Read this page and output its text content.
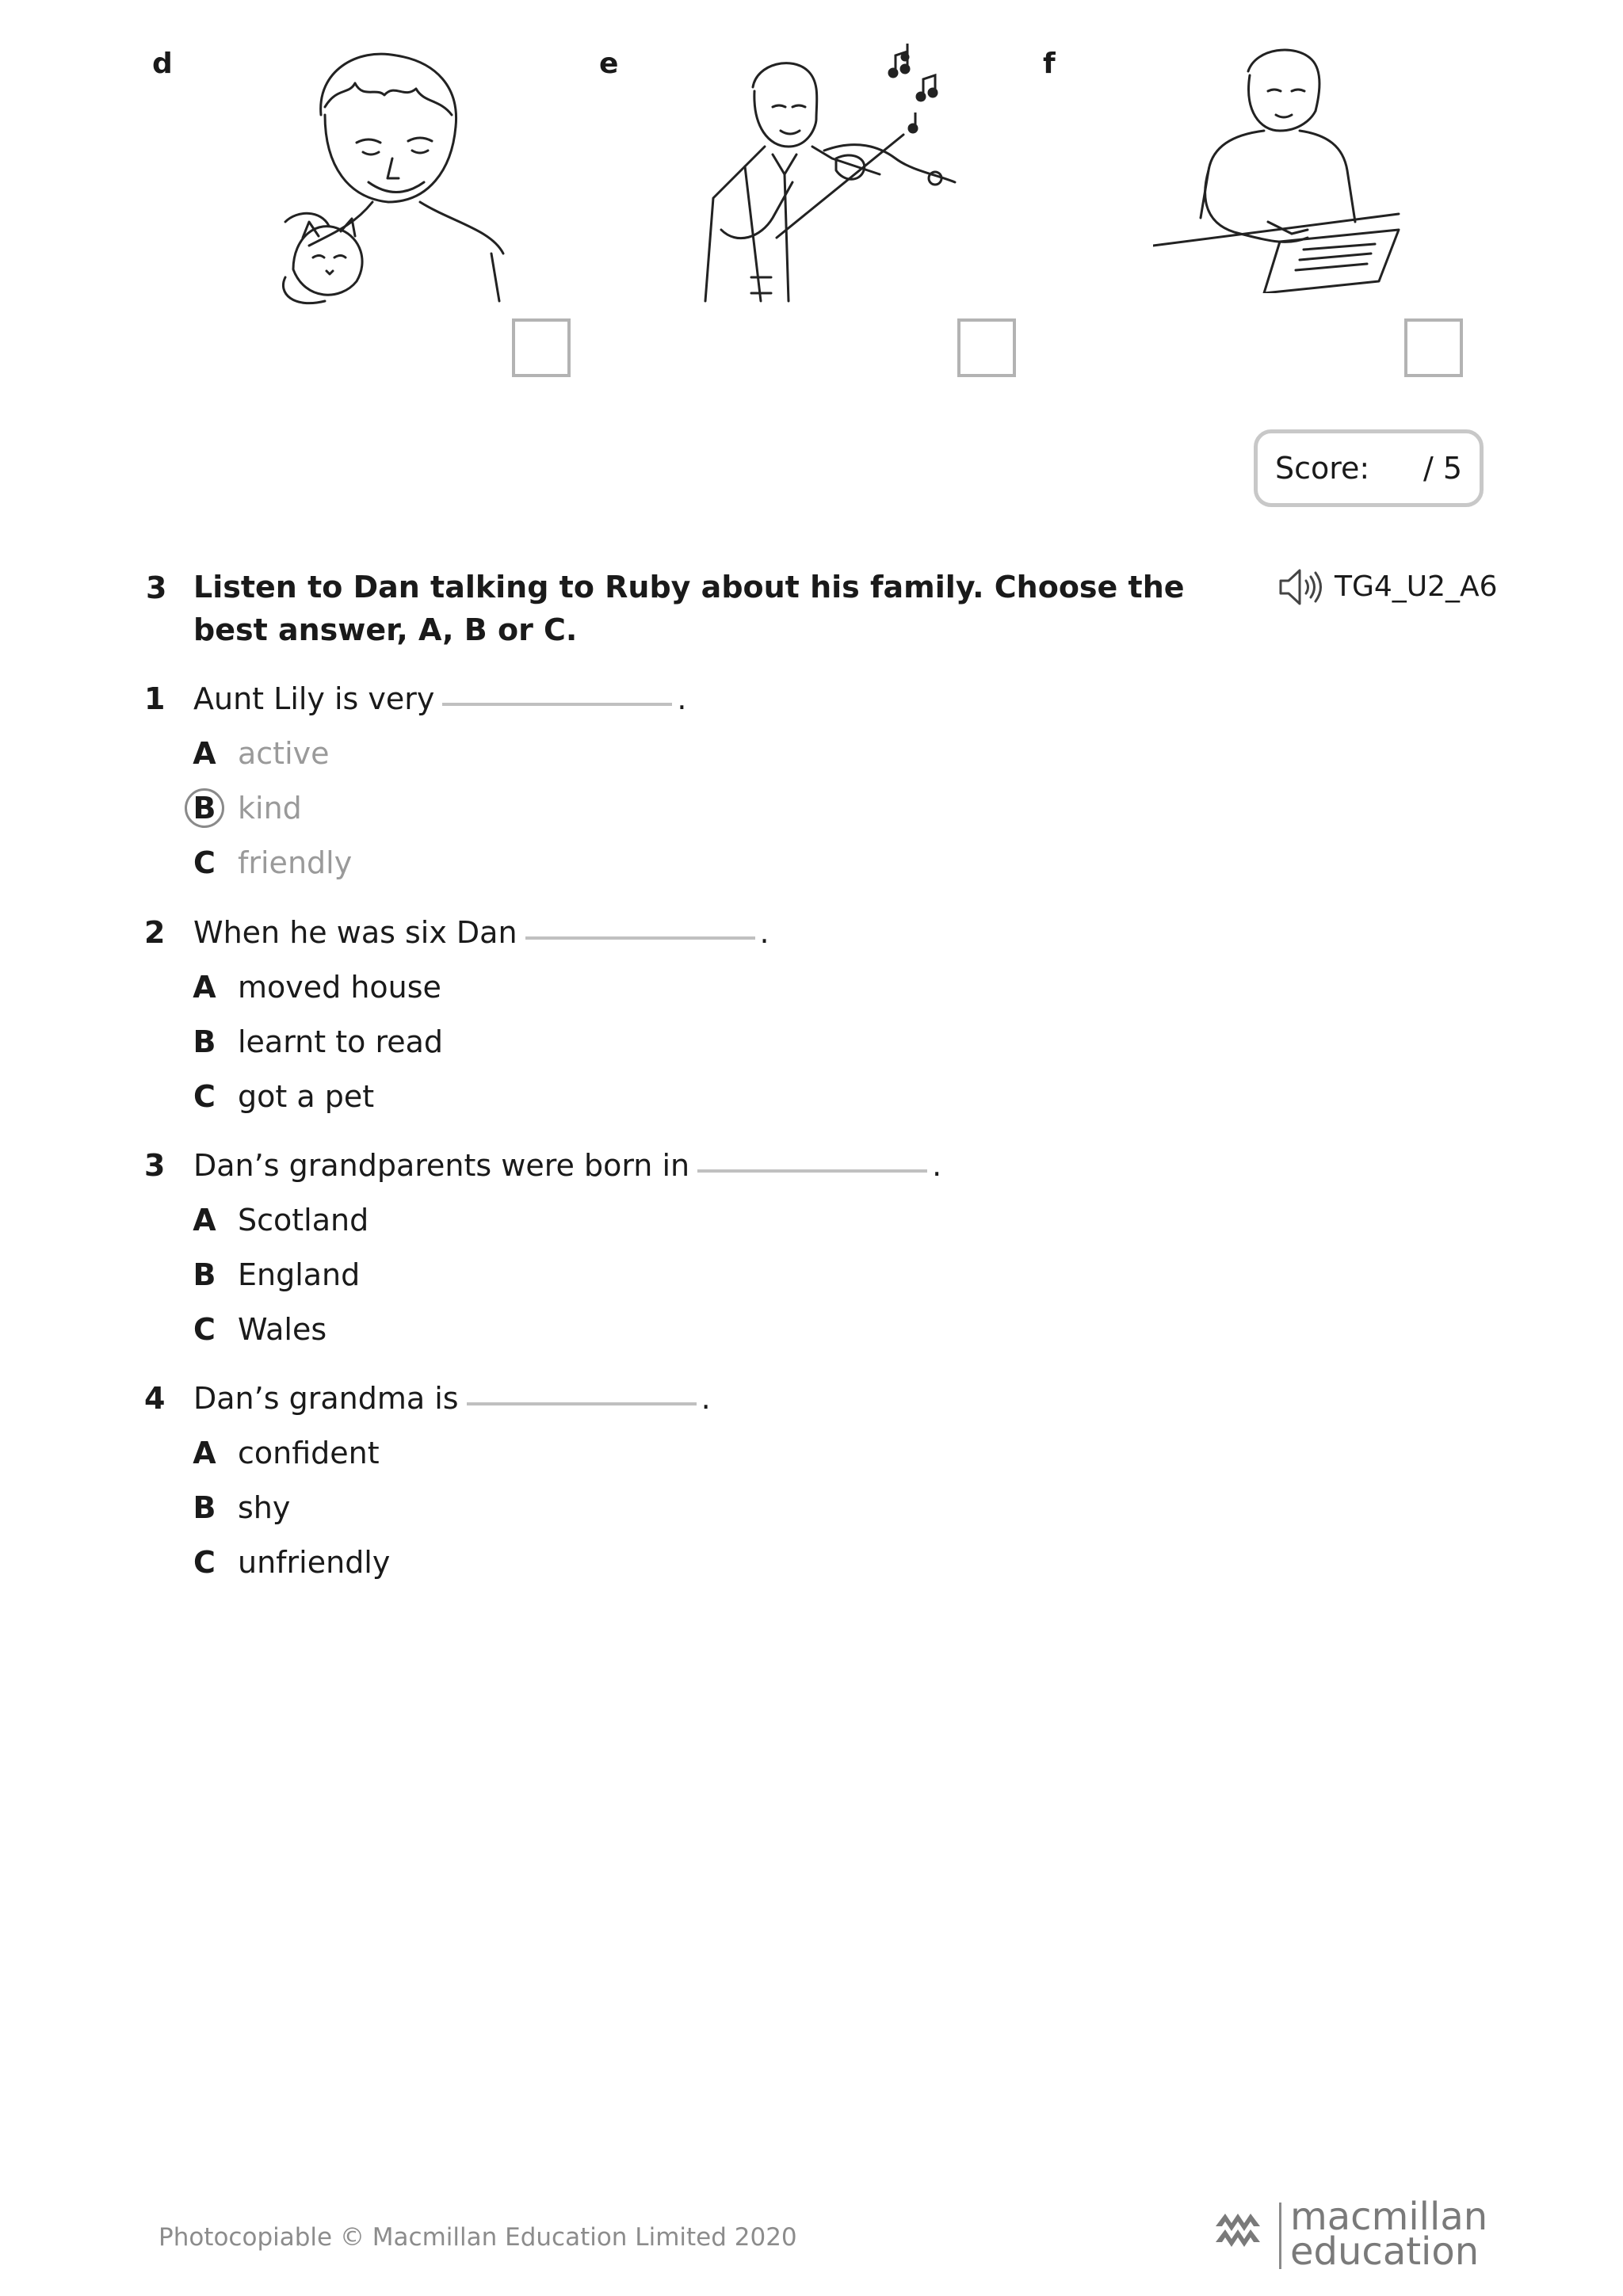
d	e	f
Score: / 5
3 Listen to Dan talking to Ruby about his family. Choose the best answer, A, B or C.
TG4_U2_A6
1 Aunt Lily is very	.
A active
B kind
C friendly
2 When he was six Dan	.
A moved house
B learnt to read
C got a pet
3 Dan’s grandparents were born in	.
A Scotland
B England
C Wales
4 Dan’s grandma is	.
A confident
B shy
C unfriendly
Photocopiable © Macmillan Education Limited 2020	macmillan
education
